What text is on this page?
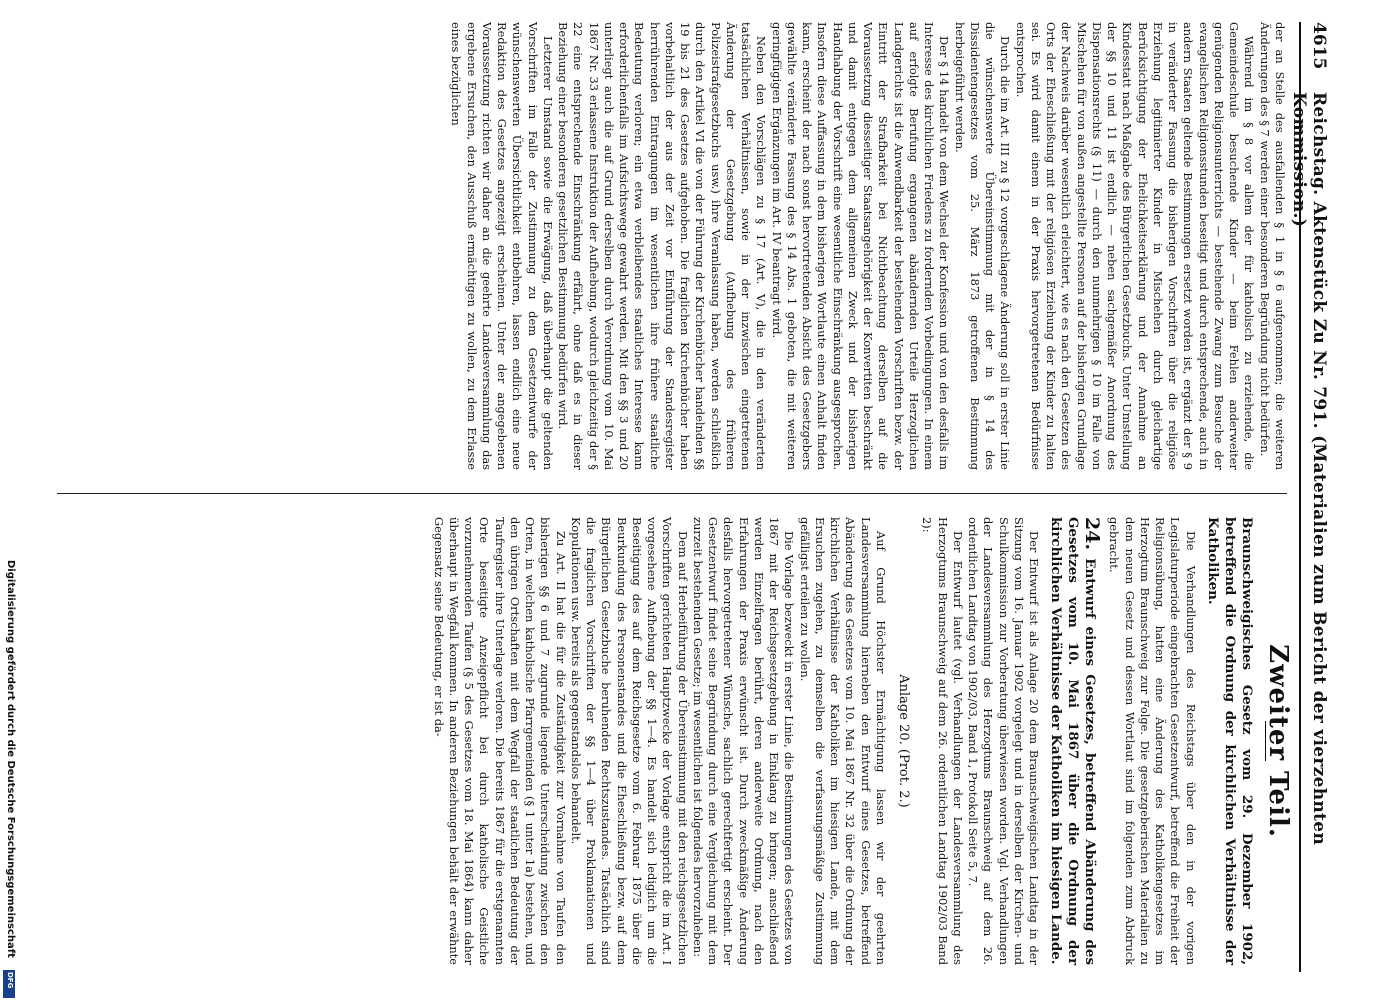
4615
Reichstag. Aktenstück Zu Nr. 791. (Materialien zum Bericht der vierzehnten Kommission.)

der an Stelle des ausfallenden § 1 in § 6 aufgenommen; die weiteren Änderungen des § 7 werden einer besonderen Begründung nicht bedürfen.

Während im § 8 vor allem der für katholisch zu erziehende, die Gemeindeschule besuchende Kinder — beim Fehlen anderweiter genügenden Religionsunterrichts — bestehende Zwang zum Besuche der evangelischen Religionsstunden beseitigt und durch entsprechende, auch in andern Staaten geltende Bestimmungen ersetzt worden ist, ergänzt der § 9 in veränderter Fassung die bisherigen Vorschriften über die religiöse Erziehung legitimierter Kinder in Mischehen durch gleichartige Berücksichtigung der Ehelichkeitserklärung und der Annahme an Kindesstatt nach Maßgabe des Bürgerlichen Gesetzbuchs. Unter Umstellung der §§ 10 und 11 ist endlich — neben sachgemäßer Anordnung des Dispensationsrechts (§ 11) — durch den nunmehrigen § 10 im Falle von Mischehen für von außen angestellte Personen auf der bisherigen Grundlage der Nachweis darüber wesentlich erleichtert, wie es nach den Gesetzen des Orts der Eheschließung mit der religiösen Erziehung der Kinder zu halten sei. Es wird damit einem in der Praxis hervorgetretenen Bedürfnisse entsprochen.

Durch die im Art. III zu § 12 vorgeschlagene Änderung soll in erster Linie die wünschenswerte Übereinstimmung mit der in § 14 des Dissidentengesetzes vom 25. März 1873 getroffenen Bestimmung herbeigeführt werden.

Der § 14 handelt von dem Wechsel der Konfession und von den desfalls im Interesse des kirchlichen Friedens zu fordernden Vorbedingungen. In einem auf erfolgte Berufung ergangenen abändernden Urteile Herzoglichen Landgerichts ist die Anwendbarkeit der bestehenden Vorschriften bezw. der Eintritt der Strafbarkeit bei Nichtbeachtung derselben auf die Voraussetzung diesseitiger Staatsangehörigkeit der Konvertiten beschränkt und damit entgegen dem allgemeinen Zweck und der bisherigen Handhabung der Vorschrift eine wesentliche Einschränkung ausgesprochen. Insofern diese Auffassung in dem bisherigen Wortlaute einen Anhalt finden kann, erscheint der nach sonst hervortretenden Absicht des Gesetzgebers gewählte veränderte Fassung des § 14 Abs. 1 geboten, die mit weiteren geringfügigen Ergänzungen im Art. IV beantragt wird.

Neben den Vorschlägen zu § 17 (Art. V), die in den veränderten tatsächlichen Verhältnissen, sowie in der inzwischen eingetretenen Änderung der Gesetzgebung (Aufhebung des früheren Polizeistrafgesetzbuchs usw.) ihre Veranlassung haben, werden schließlich durch den Artikel VI die von der Führung der Kirchenbücher handelnden §§ 19 bis 21 des Gesetzes aufgehoben. Die fraglichen Kirchenbücher haben vorbehaltlich der aus der Zeit vor Einführung der Standesregister herrührenden Eintragungen im wesentlichen ihre frühere staatliche Bedeutung verloren; ein etwa verbleibendes staatliches Interesse kann erforderlichenfalls im Aufsichtswege gewahrt werden. Mit den §§ 3 und 20 unterliegt auch die auf Grund derselben durch Verordnung vom 10. Mai 1867 Nr. 33 erlassene Instruktion der Aufhebung, wodurch gleichzeitig der § 22 eine entsprechende Einschränkung erfährt, ohne daß es in dieser Beziehung einer besonderen gesetzlichen Bestimmung bedürfen wird.

Letzterer Umstand sowie die Erwägung, daß überhaupt die geltenden Vorschriften im Falle der Zustimmung zu dem Gesetzentwurfe der wünschenswerten Übersichtlichkeit entbehren, lassen endlich eine neue Redaktion des Gesetzes angezeigt erscheinen. Unter der angegebenen Voraussetzung richten wir daher an die geehrte Landesversammlung das ergebene Ersuchen, den Ausschuß ermächtigen zu wollen, zu dem Erlasse eines bezüglichen

Zweiter Teil.
Braunschweigisches Gesetz vom 29. Dezember 1902, betreffend die Ordnung der kirchlichen Verhältnisse der Katholiken.

Die Verhandlungen des Reichstags über den in der vorigen Legislaturperiode eingebrachten Gesetzentwurf, betreffend die Freiheit der Religionsübung, hatten eine Änderung des Katholikengesetzes im Herzogtum Braunschweig zur Folge. Die gesetzgeberischen Materialien zu dem neuen Gesetz und dessen Wortlaut sind im folgenden zum Abdruck gebracht.

24. Entwurf eines Gesetzes, betreffend Abänderung des Gesetzes vom 10. Mai 1867 über die Ordnung der kirchlichen Verhältnisse der Katholiken im hiesigen Lande.

Der Entwurf ist als Anlage 20 dem Braunschweigischen Landtag in der Sitzung vom 16. Januar 1902 vorgelegt und in derselben der Kirchen- und Schulkommission zur Vorberatung überwiesen worden. Vgl. Verhandlungen der Landesversammlung des Herzogtums Braunschweig auf dem 26. ordentlichen Landtag von 1902/03, Band 1, Protokoll Seite 5, 7.

Der Entwurf lautet (vgl. Verhandlungen der Landesversammlung des Herzogtums Braunschweig auf dem 26. ordentlichen Landtag 1902/03 Band 2):

Anlage 20. (Prot. 2.)

Auf Grund Höchster Ermächtigung lassen wir der geehrten Landesversammlung hierneben den Entwurf eines Gesetzes, betreffend Abänderung des Gesetzes vom 10. Mai 1867 Nr. 32 über die Ordnung der kirchlichen Verhältnisse der Katholiken im hiesigen Lande, mit dem Ersuchen zugehen, zu demselben die verfassungsmäßige Zustimmung gefälligst erteilen zu wollen.

Die Vorlage bezweckt in erster Linie, die Bestimmungen des Gesetzes von 1867 mit der Reichsgesetzgebung in Einklang zu bringen; anschließend werden Einzelfragen berührt, deren anderweite Ordnung, nach den Erfahrungen der Praxis erwünscht ist. Durch zweckmäßige Änderung desfalls hervorgetretener Wünsche, sachlich gerechtfertigt erscheint. Der Gesetzentwurf findet seine Begründung durch eine Vergleichung mit dem zurzeit bestehenden Gesetze; im wesentlichen ist folgendes hervorzuheben:

Dem auf Herbeiführung der Übereinstimmung mit den reichsgesetzlichen Vorschriften gerichteten Hauptzwecke der Vorlage entspricht die im Art. I vorgesehene Aufhebung der §§ 1—4. Es handelt sich lediglich um die Beseitigung des auf dem Reichsgesetze vom 6. Februar 1875 über die Beurkundung des Personenstandes und die Eheschließung bezw. auf dem Bürgerlichen Gesetzbuche beruhenden Rechtszustandes. Tatsächlich sind die fraglichen Vorschriften der §§ 1—4 über Proklamationen und Kopulationen usw. bereits als gegenstandslos behandelt.

Zu Art. II hat die für die Zuständigkeit zur Vornahme von Taufen den bisherigen §§ 6 und 7 zugrunde liegende Unterscheidung zwischen den Orten, in welchen katholische Pfarrgemeinden (§ 1 unter 1a) bestehen, und den übrigen Ortschaften mit dem Wegfall der staatlichen Bedeutung der Taufregister ihre Unterlage verloren. Die bereits 1867 für die erstgenannten Orte beseitigte Anzeigepflicht bei durch katholische Geistliche vorzunehmenden Taufen (§ 5 des Gesetzes vom 18. Mai 1864) kann daher überhaupt in Wegfall kommen. In anderen Beziehungen behält der erwähnte Gegensatz seine Bedeutung, er ist da-

Digitalisierung gefördert durch die Deutsche Forschungsgemeinschaft
DFG
